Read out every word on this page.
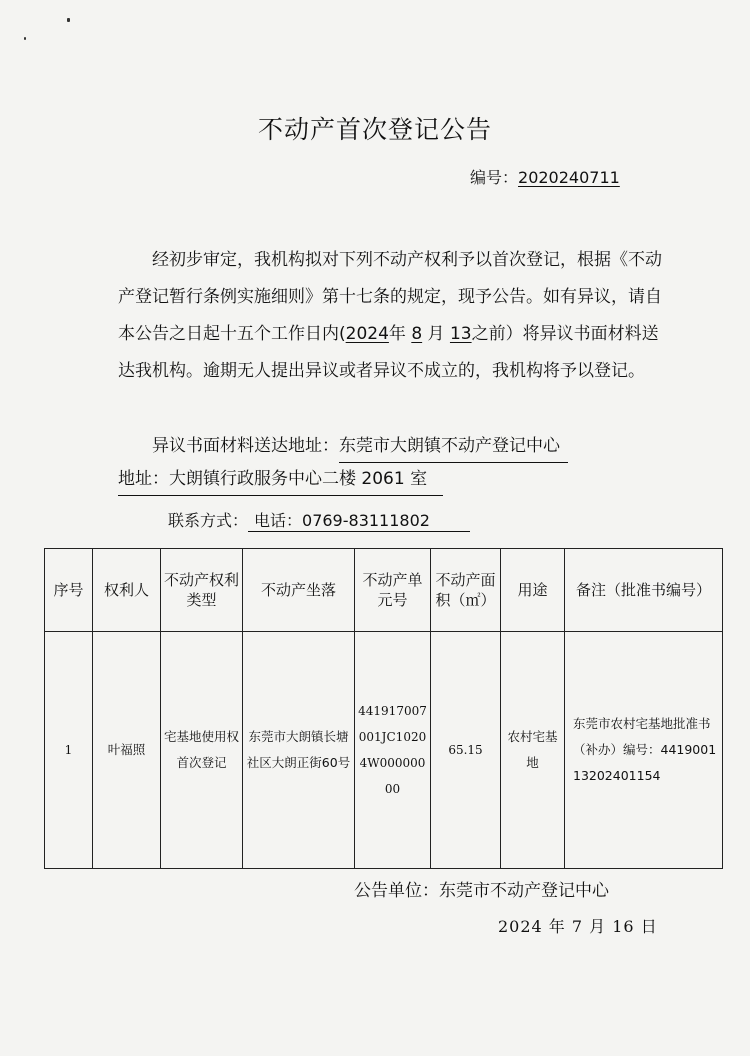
不动产首次登记公告
编号：2020240711
经初步审定，我机构拟对下列不动产权利予以首次登记，根据《不动产登记暂行条例实施细则》第十七条的规定，现予公告。如有异议，请自本公告之日起十五个工作日内(2024年 8 月 13之前）将异议书面材料送达我机构。逾期无人提出异议或者异议不成立的，我机构将予以登记。
异议书面材料送达地址：东莞市大朗镇不动产登记中心
地址：大朗镇行政服务中心二楼 2061 室
联系方式： 电话：0769-83111802
序号	权利人	不动产权利类型	不动产坐落	不动产单元号	不动产面积（㎡）	用途	备注（批准书编号）
1	叶福照	宅基地使用权首次登记	东莞市大朗镇长塘社区大朗正街60号	441917007001JC10204W00000000	65.15	农村宅基地	东莞市农村宅基地批准书（补办）编号：441900113202401154
公告单位：东莞市不动产登记中心
2024 年 7 月 16 日
